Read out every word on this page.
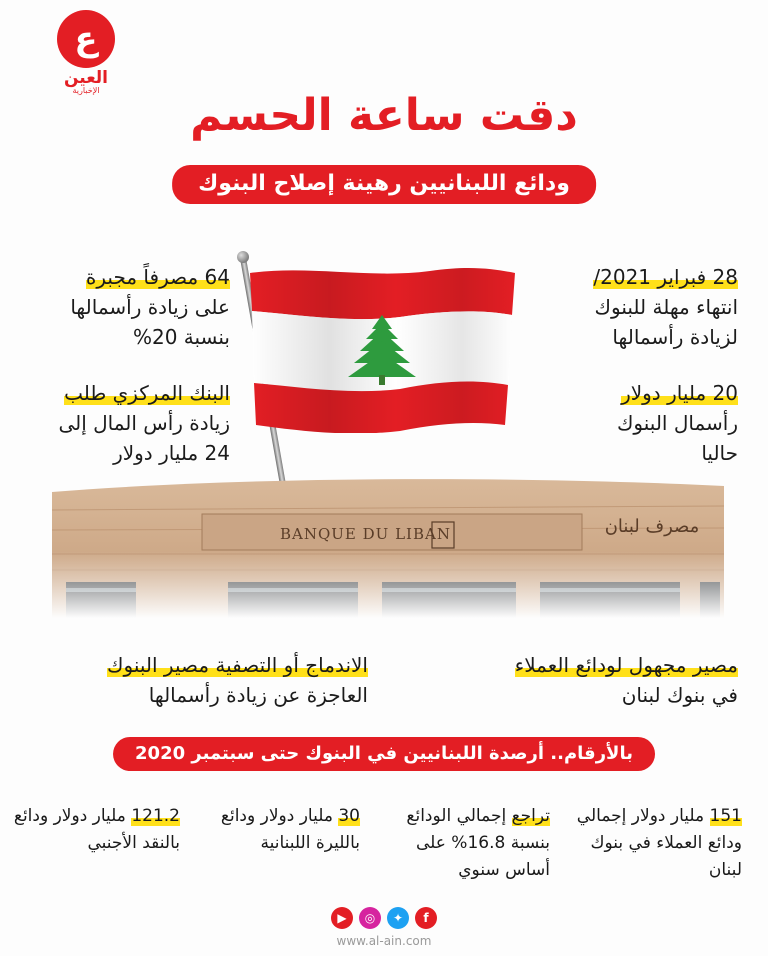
ع
العين
الإخبارية	دقت ساعة الحسم
ودائع اللبنانيين رهينة إصلاح البنوك
28 فبراير 2021/
انتهاء مهلة للبنوك
لزيادة رأسمالها
20 مليار دولار
رأسمال البنوك
حاليا
64 مصرفاً مجبرة
على زيادة رأسمالها
بنسبة 20%
البنك المركزي طلب
زيادة رأس المال إلى
24 مليار دولار
مصير مجهول لودائع العملاء
في بنوك لبنان
الاندماج أو التصفية مصير البنوك
العاجزة عن زيادة رأسمالها
بالأرقام.. أرصدة اللبنانيين في البنوك حتى سبتمبر 2020
151 مليار دولار إجمالي ودائع العملاء في بنوك لبنان
تراجع إجمالي الودائع بنسبة 16.8% على أساس سنوي
30 مليار دولار ودائع بالليرة اللبنانية
121.2 مليار دولار ودائع بالنقد الأجنبي
▶	◎	✦	f
www.al-ain.com
